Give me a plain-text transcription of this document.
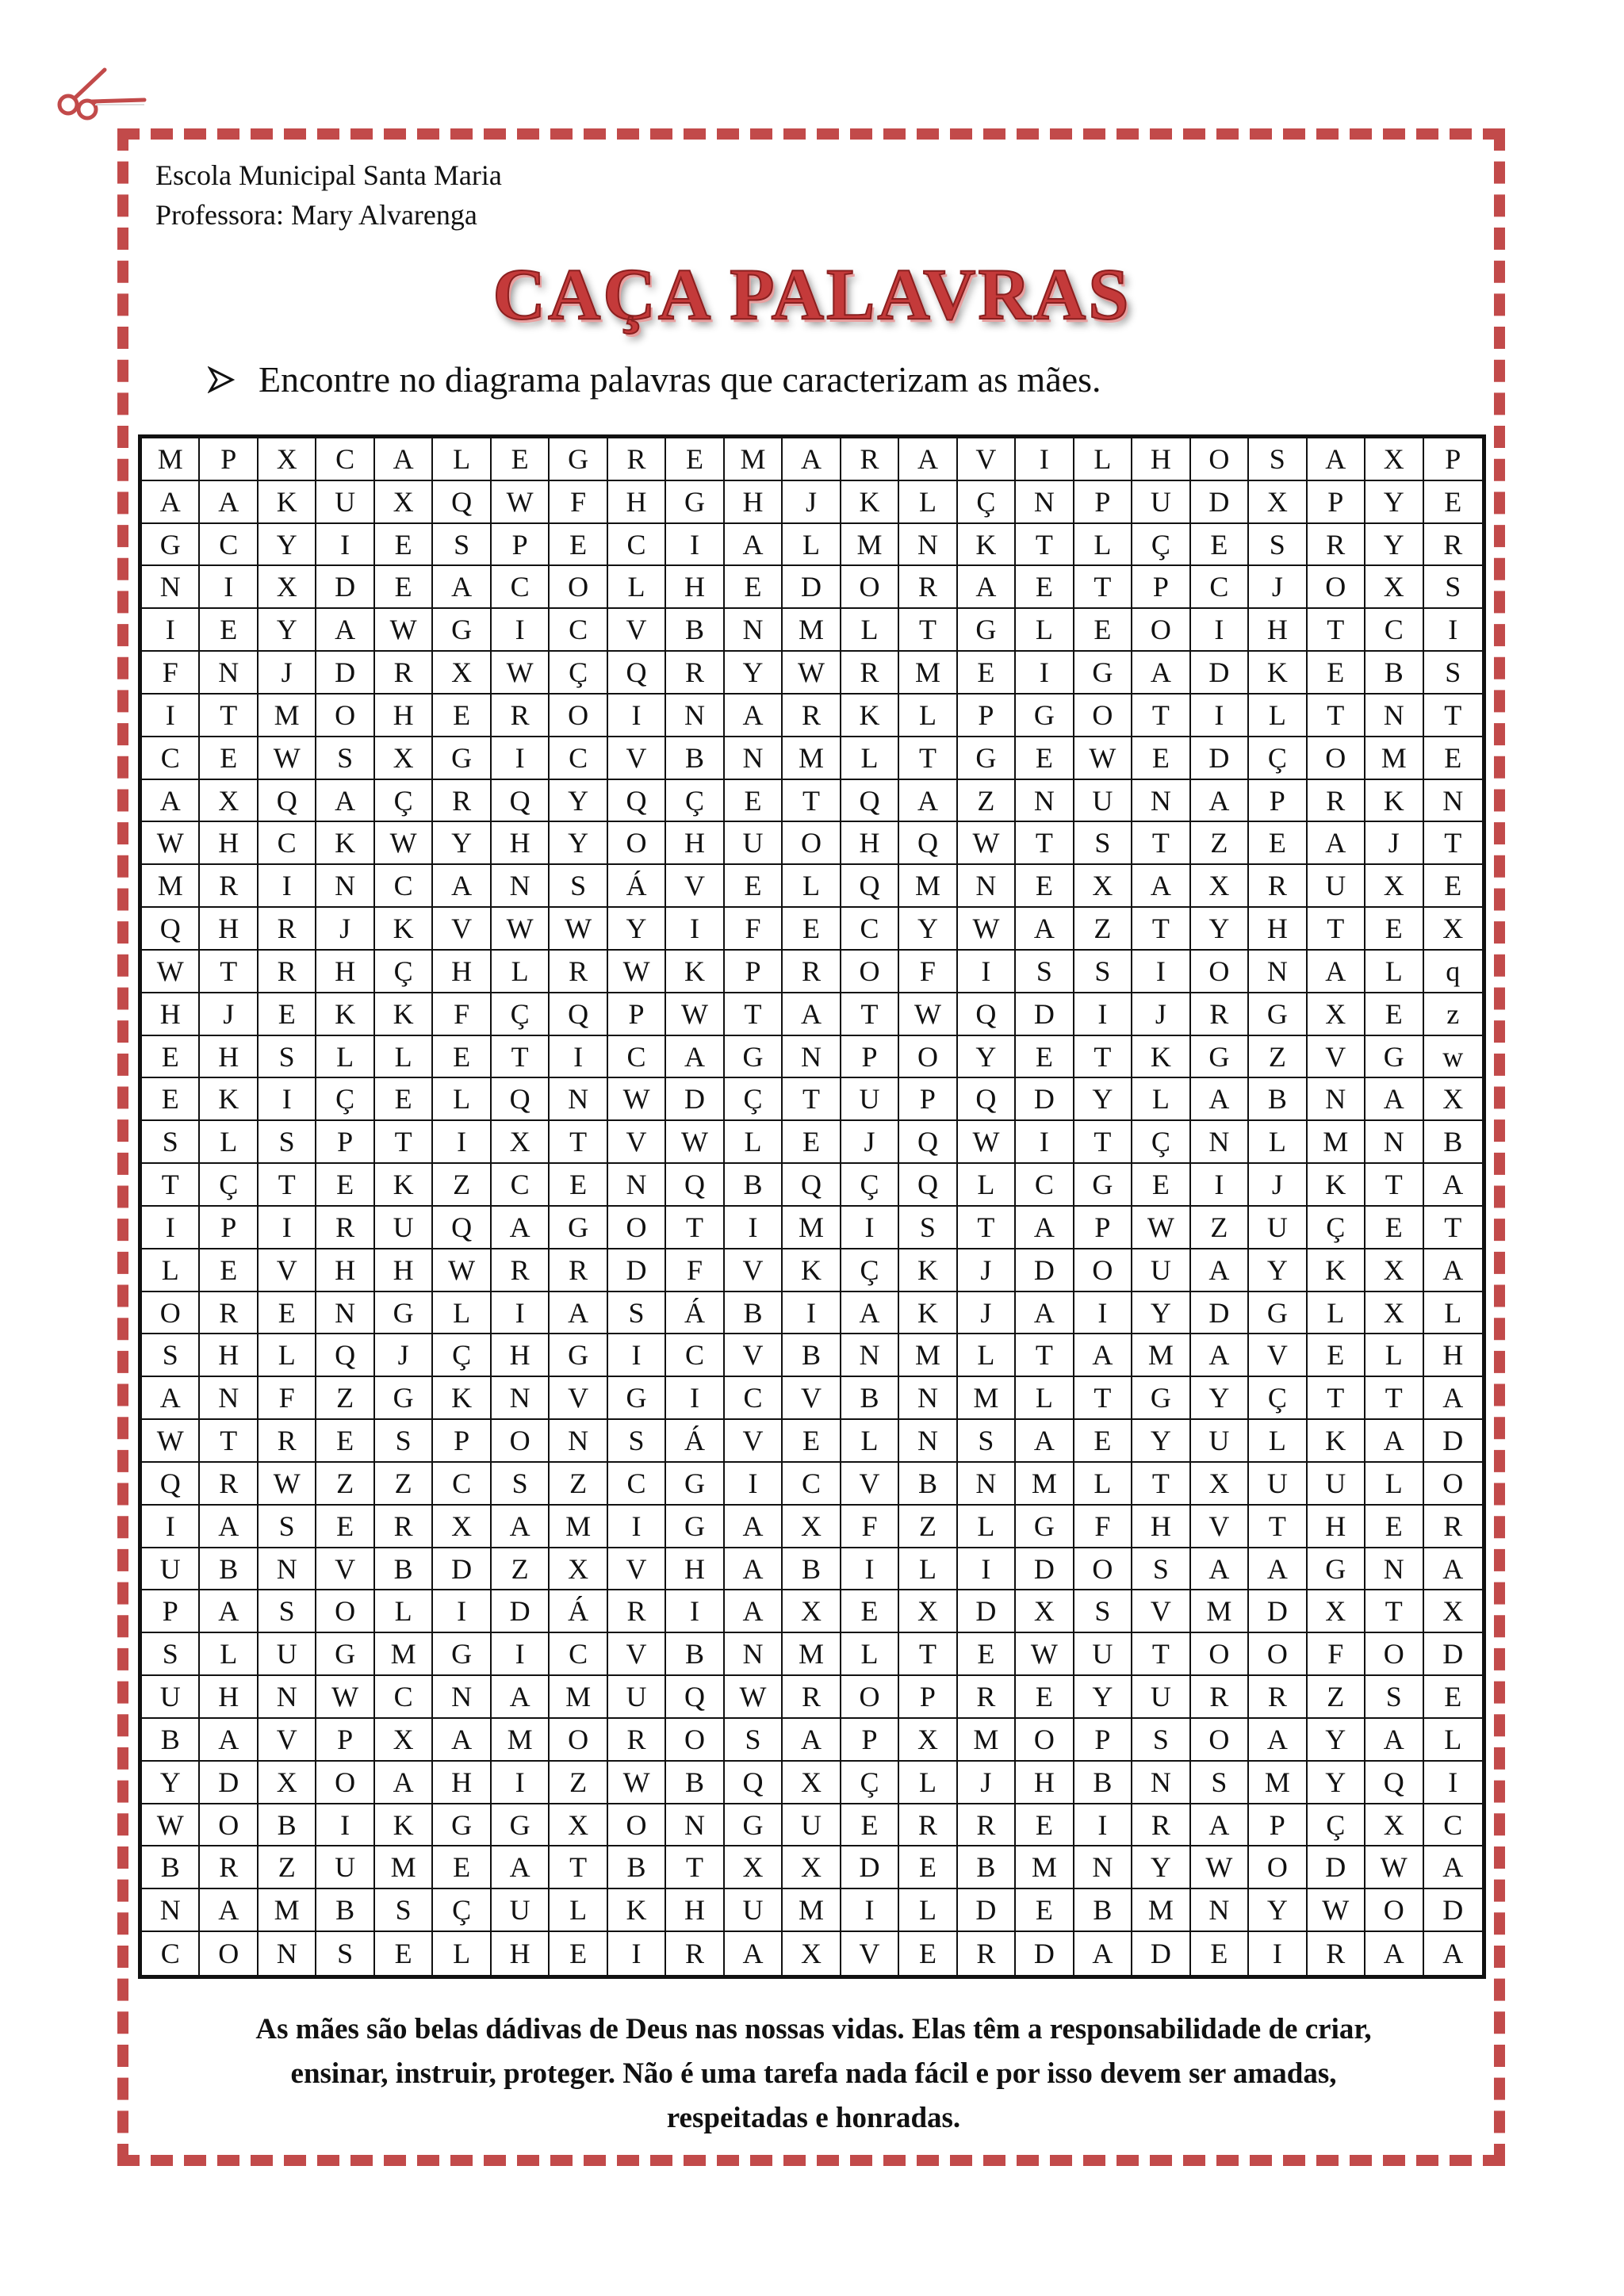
Escola Municipal Santa Maria
Professora: Mary Alvarenga
CAÇA PALAVRAS
Encontre no diagrama palavras que caracterizam as mães.
M	P	X	C	A	L	E	G	R	E	M	A	R	A	V	I	L	H	O	S	A	X	P
A	A	K	U	X	Q	W	F	H	G	H	J	K	L	Ç	N	P	U	D	X	P	Y	E
G	C	Y	I	E	S	P	E	C	I	A	L	M	N	K	T	L	Ç	E	S	R	Y	R
N	I	X	D	E	A	C	O	L	H	E	D	O	R	A	E	T	P	C	J	O	X	S
I	E	Y	A	W	G	I	C	V	B	N	M	L	T	G	L	E	O	I	H	T	C	I
F	N	J	D	R	X	W	Ç	Q	R	Y	W	R	M	E	I	G	A	D	K	E	B	S
I	T	M	O	H	E	R	O	I	N	A	R	K	L	P	G	O	T	I	L	T	N	T
C	E	W	S	X	G	I	C	V	B	N	M	L	T	G	E	W	E	D	Ç	O	M	E
A	X	Q	A	Ç	R	Q	Y	Q	Ç	E	T	Q	A	Z	N	U	N	A	P	R	K	N
W	H	C	K	W	Y	H	Y	O	H	U	O	H	Q	W	T	S	T	Z	E	A	J	T
M	R	I	N	C	A	N	S	Á	V	E	L	Q	M	N	E	X	A	X	R	U	X	E
Q	H	R	J	K	V	W	W	Y	I	F	E	C	Y	W	A	Z	T	Y	H	T	E	X
W	T	R	H	Ç	H	L	R	W	K	P	R	O	F	I	S	S	I	O	N	A	L	q
H	J	E	K	K	F	Ç	Q	P	W	T	A	T	W	Q	D	I	J	R	G	X	E	z
E	H	S	L	L	E	T	I	C	A	G	N	P	O	Y	E	T	K	G	Z	V	G	w
E	K	I	Ç	E	L	Q	N	W	D	Ç	T	U	P	Q	D	Y	L	A	B	N	A	X
S	L	S	P	T	I	X	T	V	W	L	E	J	Q	W	I	T	Ç	N	L	M	N	B
T	Ç	T	E	K	Z	C	E	N	Q	B	Q	Ç	Q	L	C	G	E	I	J	K	T	A
I	P	I	R	U	Q	A	G	O	T	I	M	I	S	T	A	P	W	Z	U	Ç	E	T
L	E	V	H	H	W	R	R	D	F	V	K	Ç	K	J	D	O	U	A	Y	K	X	A
O	R	E	N	G	L	I	A	S	Á	B	I	A	K	J	A	I	Y	D	G	L	X	L
S	H	L	Q	J	Ç	H	G	I	C	V	B	N	M	L	T	A	M	A	V	E	L	H
A	N	F	Z	G	K	N	V	G	I	C	V	B	N	M	L	T	G	Y	Ç	T	T	A
W	T	R	E	S	P	O	N	S	Á	V	E	L	N	S	A	E	Y	U	L	K	A	D
Q	R	W	Z	Z	C	S	Z	C	G	I	C	V	B	N	M	L	T	X	U	U	L	O
I	A	S	E	R	X	A	M	I	G	A	X	F	Z	L	G	F	H	V	T	H	E	R
U	B	N	V	B	D	Z	X	V	H	A	B	I	L	I	D	O	S	A	A	G	N	A
P	A	S	O	L	I	D	Á	R	I	A	X	E	X	D	X	S	V	M	D	X	T	X
S	L	U	G	M	G	I	C	V	B	N	M	L	T	E	W	U	T	O	O	F	O	D
U	H	N	W	C	N	A	M	U	Q	W	R	O	P	R	E	Y	U	R	R	Z	S	E
B	A	V	P	X	A	M	O	R	O	S	A	P	X	M	O	P	S	O	A	Y	A	L
Y	D	X	O	A	H	I	Z	W	B	Q	X	Ç	L	J	H	B	N	S	M	Y	Q	I
W	O	B	I	K	G	G	X	O	N	G	U	E	R	R	E	I	R	A	P	Ç	X	C
B	R	Z	U	M	E	A	T	B	T	X	X	D	E	B	M	N	Y	W	O	D	W	A
N	A	M	B	S	Ç	U	L	K	H	U	M	I	L	D	E	B	M	N	Y	W	O	D
C	O	N	S	E	L	H	E	I	R	A	X	V	E	R	D	A	D	E	I	R	A	A
As mães são belas dádivas de Deus nas nossas vidas. Elas têm a responsabilidade de criar,
ensinar, instruir, proteger. Não é uma tarefa nada fácil e por isso devem ser amadas,
respeitadas e honradas.
